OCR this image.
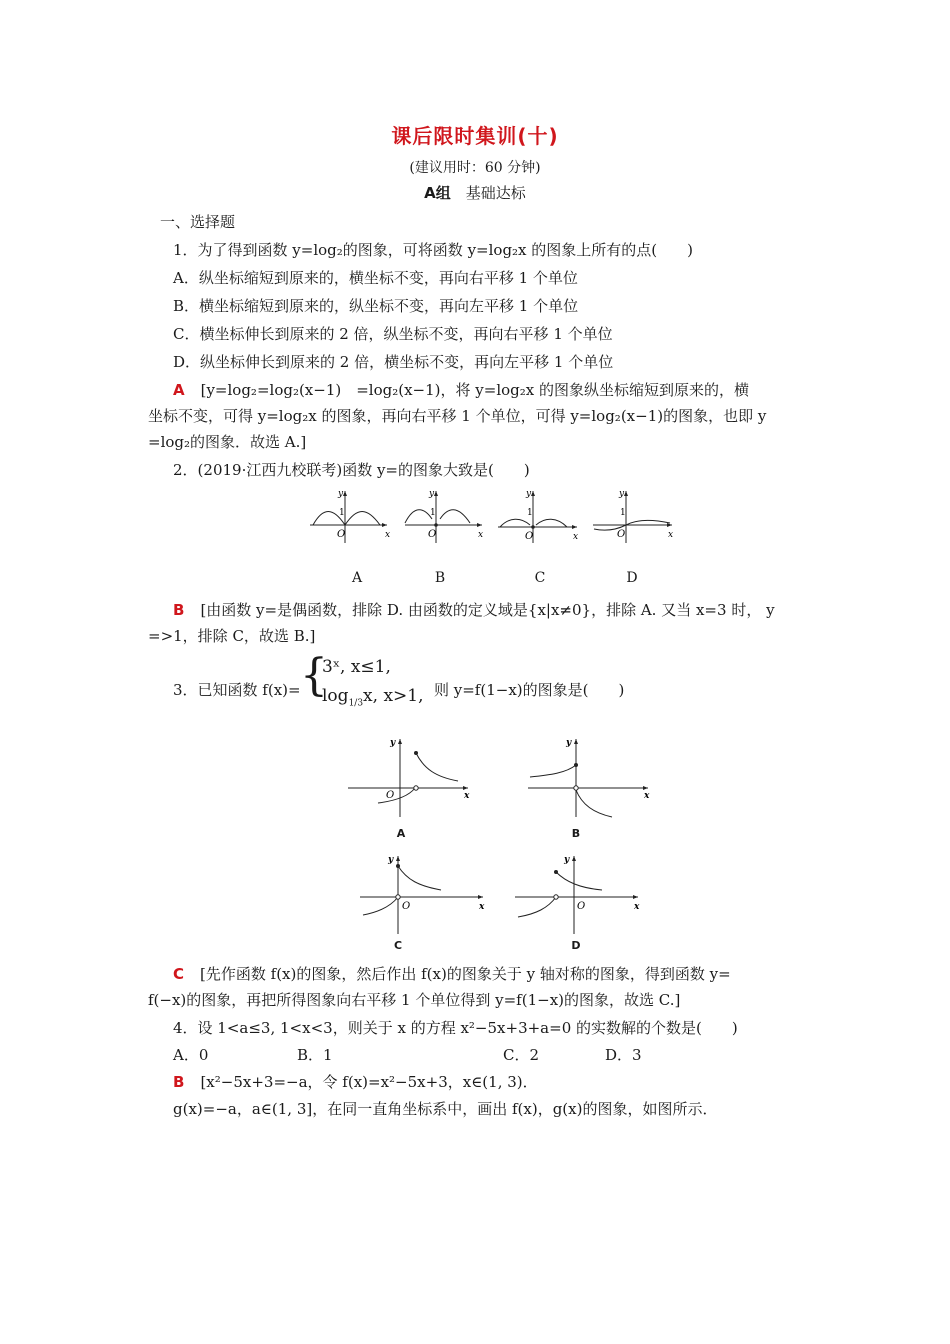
课后限时集训(十)
(建议用时：60 分钟)
A组　 基础达标
一、选择题
1．为了得到函数 y=log₂的图象，可将函数 y=log₂x 的图象上所有的点(　　)
A．纵坐标缩短到原来的，横坐标不变，再向右平移 1 个单位
B．横坐标缩短到原来的，纵坐标不变，再向左平移 1 个单位
C．横坐标伸长到原来的 2 倍，纵坐标不变，再向右平移 1 个单位
D．纵坐标伸长到原来的 2 倍，横坐标不变，再向左平移 1 个单位
A [y=log₂=log₂(x−1)　=log₂(x−1)，将 y=log₂x 的图象纵坐标缩短到原来的，横
坐标不变，可得 y=log₂x 的图象，再向右平移 1 个单位，可得 y=log₂(x−1)的图象，也即 y
=log₂的图象．故选 A.]
2．(2019·江西九校联考)函数 y=的图象大致是(　　)
y
x
O
1
y
x
O
1
y
x
O
1
y
x
O
1
A	B	C	D
B [由函数 y=是偶函数，排除 D. 由函数的定义域是{x|x≠0}，排除 A. 又当 x=3 时， y
=>1，排除 C，故选 B.]
3．已知函数 f(x)= {
3ˣ, x≤1,
$\log_{1/3}x$, x>1, 则 y=f(1−x)的图象是(　　)
y
x
O
y
x
y
x
O
y
x
O
A	B
C	D
C [先作函数 f(x)的图象，然后作出 f(x)的图象关于 y 轴对称的图象，得到函数 y=
f(−x)的图象，再把所得图象向右平移 1 个单位得到 y=f(1−x)的图象，故选 C.]
4．设 1<a≤3, 1<x<3，则关于 x 的方程 x²−5x+3+a=0 的实数解的个数是(　　)
A．0	B．1	C．2	D．3
B [x²−5x+3=−a，令 f(x)=x²−5x+3，x∈(1, 3)．
g(x)=−a，a∈(1, 3]，在同一直角坐标系中，画出 f(x)，g(x)的图象，如图所示．
